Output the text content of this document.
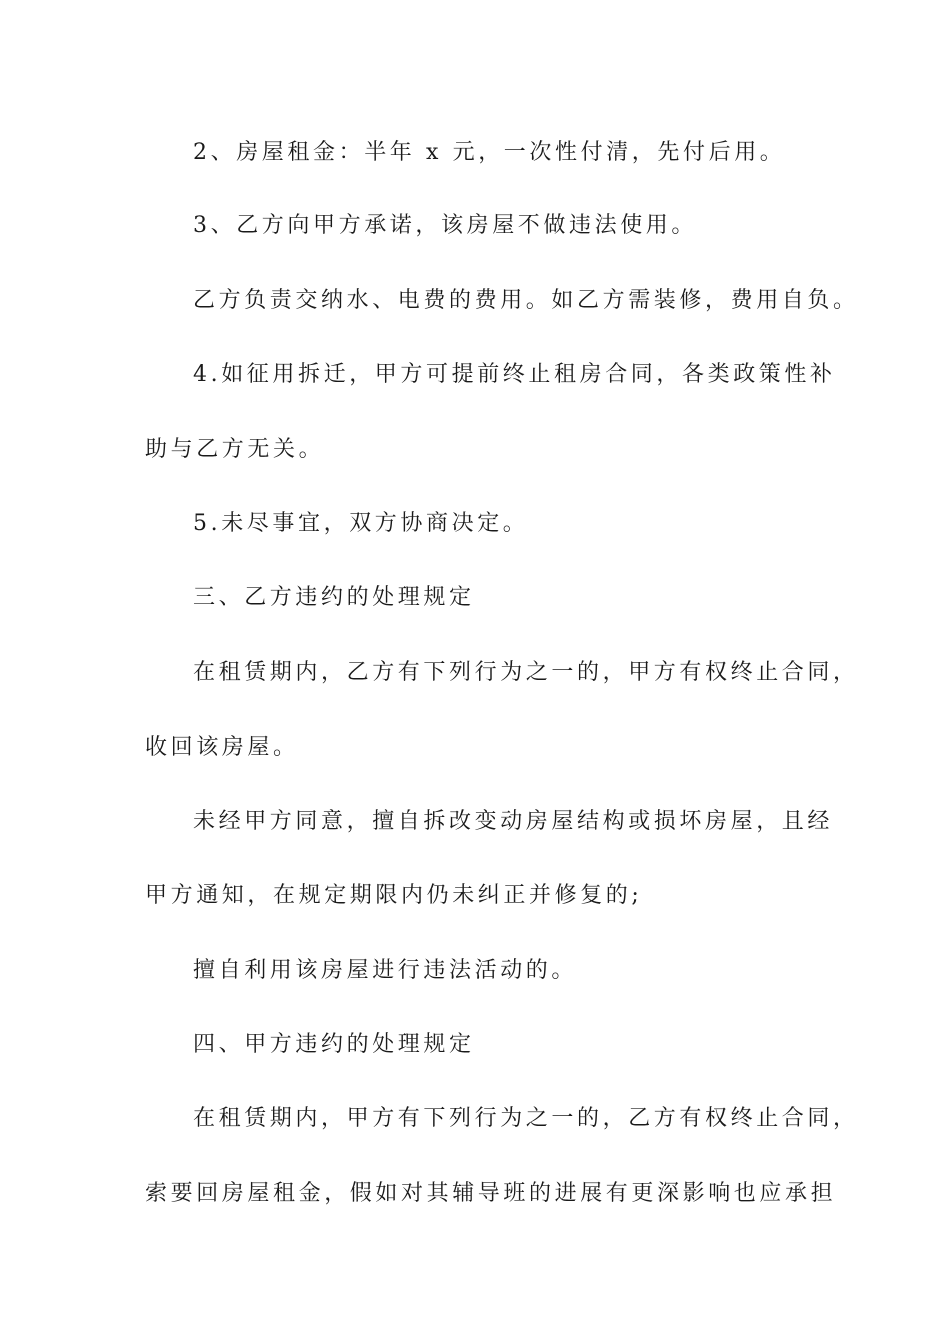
2、房屋租金：半年 x 元，一次性付清，先付后用。
3、乙方向甲方承诺，该房屋不做违法使用。
乙方负责交纳水、电费的费用。如乙方需装修，费用自负。
4.如征用拆迁，甲方可提前终止租房合同，各类政策性补
助与乙方无关。
5.未尽事宜，双方协商决定。
三、乙方违约的处理规定
在租赁期内，乙方有下列行为之一的，甲方有权终止合同，
收回该房屋。
未经甲方同意，擅自拆改变动房屋结构或损坏房屋，且经
甲方通知，在规定期限内仍未纠正并修复的;
擅自利用该房屋进行违法活动的。
四、甲方违约的处理规定
在租赁期内，甲方有下列行为之一的，乙方有权终止合同，
索要回房屋租金，假如对其辅导班的进展有更深影响也应承担
